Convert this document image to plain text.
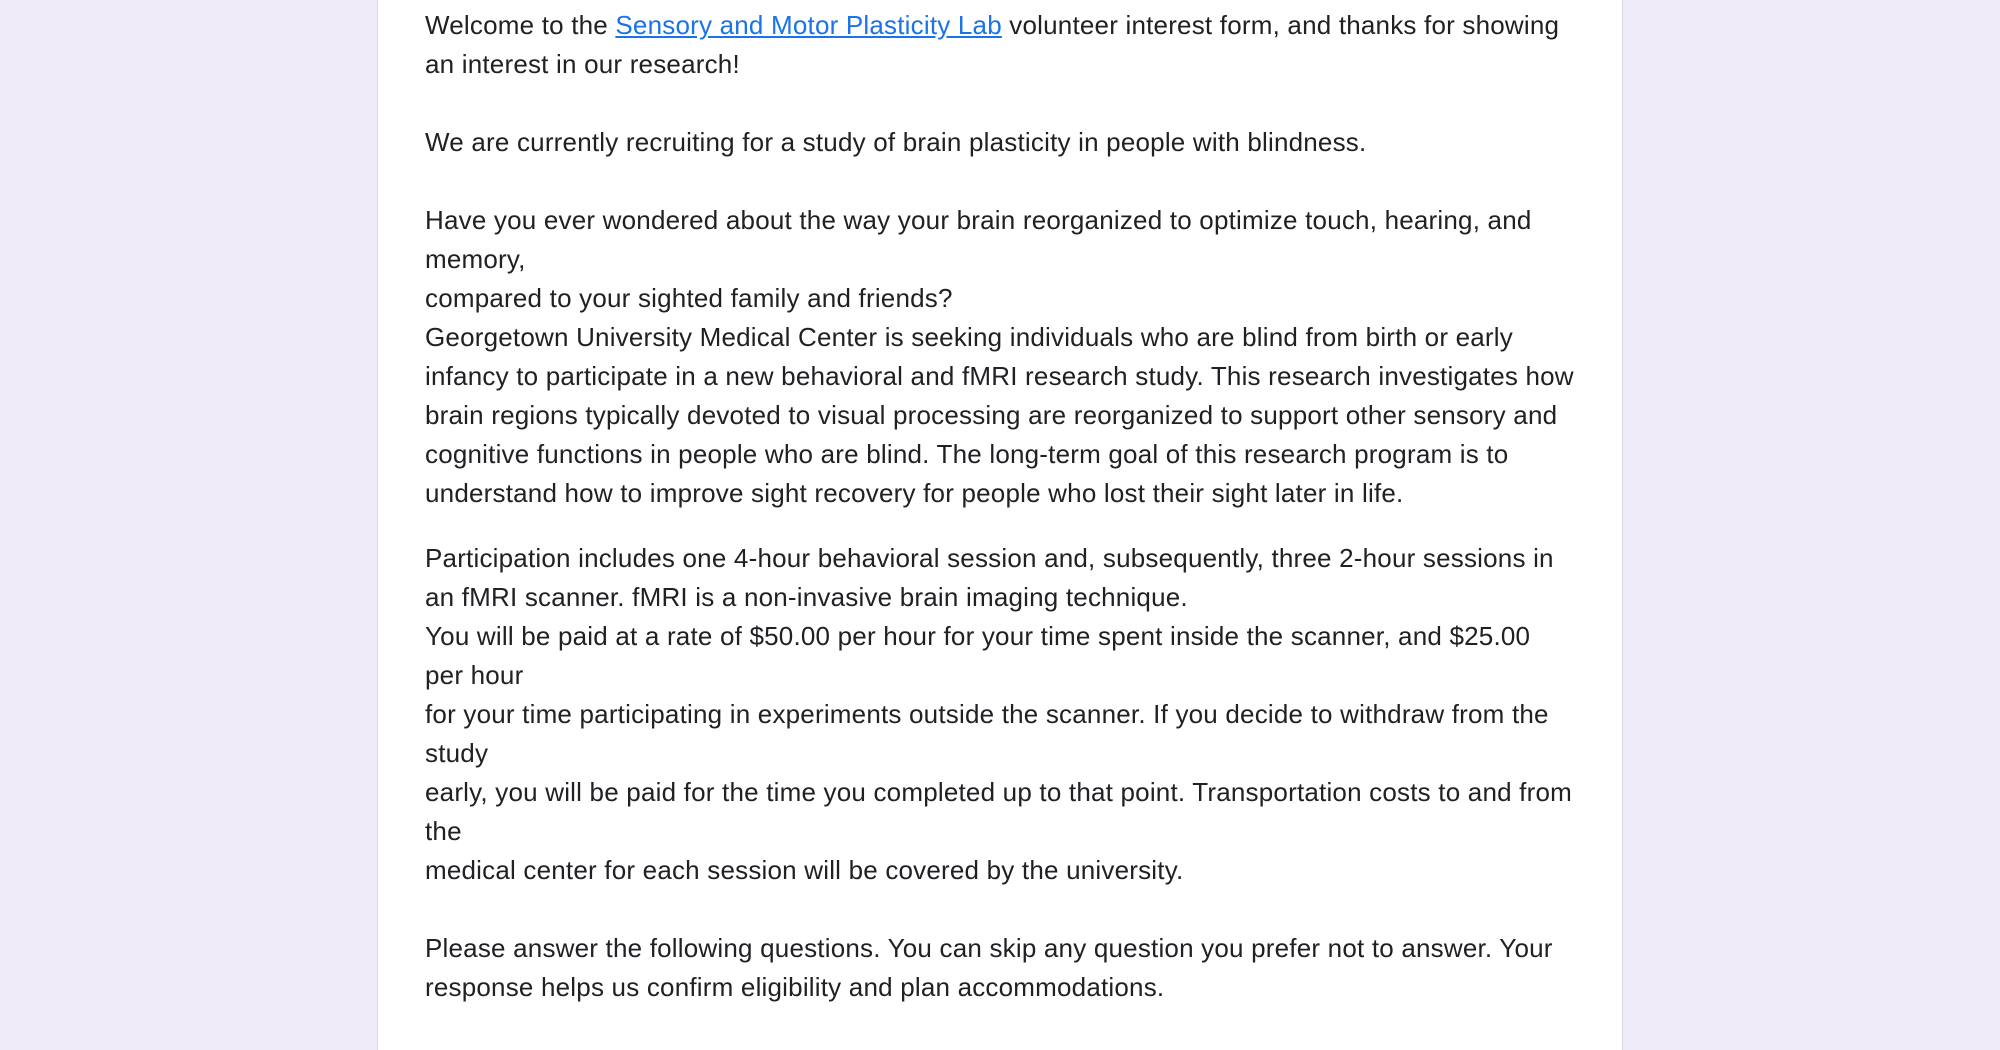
Welcome to the Sensory and Motor Plasticity Lab volunteer interest form, and thanks for showing an interest in our research!

We are currently recruiting for a study of brain plasticity in people with blindness.

Have you ever wondered about the way your brain reorganized to optimize touch, hearing, and memory,

compared to your sighted family and friends?

Georgetown University Medical Center is seeking individuals who are blind from birth or early infancy to participate in a new behavioral and fMRI research study. This research investigates how brain regions typically devoted to visual processing are reorganized to support other sensory and cognitive functions in people who are blind. The long-term goal of this research program is to understand how to improve sight recovery for people who lost their sight later in life.

Participation includes one 4-hour behavioral session and, subsequently, three 2-hour sessions in an fMRI scanner. fMRI is a non-invasive brain imaging technique.

You will be paid at a rate of $50.00 per hour for your time spent inside the scanner, and $25.00 per hour

for your time participating in experiments outside the scanner. If you decide to withdraw from the study

early, you will be paid for the time you completed up to that point. Transportation costs to and from the

medical center for each session will be covered by the university.

Please answer the following questions. You can skip any question you prefer not to answer. Your response helps us confirm eligibility and plan accommodations.
